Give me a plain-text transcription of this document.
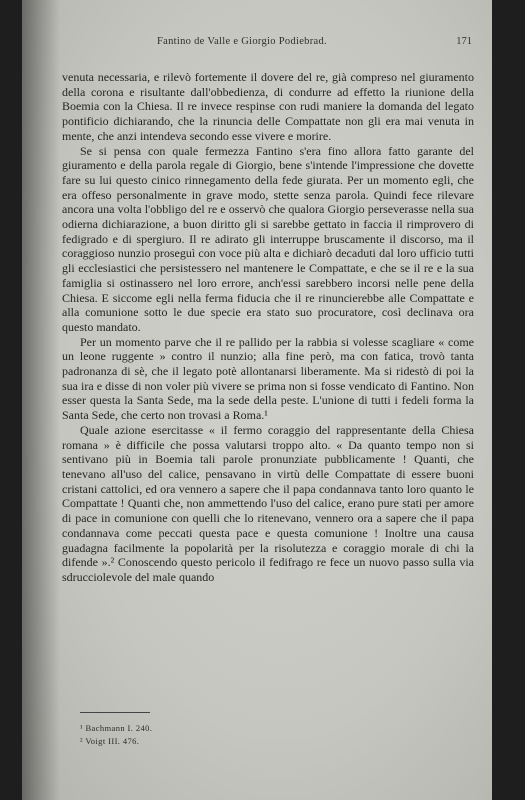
Fantino de Valle e Giorgio Podiebrad.	171

venuta necessaria, e rilevò fortemente il dovere del re, già compreso nel giuramento della corona e risultante dall'obbedienza, di condurre ad effetto la riunione della Boemia con la Chiesa. Il re invece respinse con rudi maniere la domanda del legato pontificio dichiarando, che la rinuncia delle Compattate non gli era mai venuta in mente, che anzi intendeva secondo esse vivere e morire.

Se si pensa con quale fermezza Fantino s'era fino allora fatto garante del giuramento e della parola regale di Giorgio, bene s'intende l'impressione che dovette fare su lui questo cinico rinnegamento della fede giurata. Per un momento egli, che era offeso personalmente in grave modo, stette senza parola. Quindi fece rilevare ancora una volta l'obbligo del re e osservò che qualora Giorgio perseverasse nella sua odierna dichiarazione, a buon diritto gli si sarebbe gettato in faccia il rimprovero di fedigrado e di spergiuro. Il re adirato gli interruppe bruscamente il discorso, ma il coraggioso nunzio proseguì con voce più alta e dichiarò decaduti dal loro ufficio tutti gli ecclesiastici che persistessero nel mantenere le Compattate, e che se il re e la sua famiglia si ostinassero nel loro errore, anch'essi sarebbero incorsi nelle pene della Chiesa. E siccome egli nella ferma fiducia che il re rinuncierebbe alle Compattate e alla comunione sotto le due specie era stato suo procuratore, così declinava ora questo mandato.

Per un momento parve che il re pallido per la rabbia si volesse scagliare « come un leone ruggente » contro il nunzio; alla fine però, ma con fatica, trovò tanta padronanza di sè, che il legato potè allontanarsi liberamente. Ma si ridestò di poi la sua ira e disse di non voler più vivere se prima non si fosse vendicato di Fantino. Non esser questa la Santa Sede, ma la sede della peste. L'unione di tutti i fedeli forma la Santa Sede, che certo non trovasi a Roma.¹

Quale azione esercitasse « il fermo coraggio del rappresentante della Chiesa romana » è difficile che possa valutarsi troppo alto. « Da quanto tempo non si sentivano più in Boemia tali parole pronunziate pubblicamente ! Quanti, che tenevano all'uso del calice, pensavano in virtù delle Compattate di essere buoni cristani cattolici, ed ora vennero a sapere che il papa condannava tanto loro quanto le Compattate ! Quanti che, non ammettendo l'uso del calice, erano pure stati per amore di pace in comunione con quelli che lo ritenevano, vennero ora a sapere che il papa condannava come peccati questa pace e questa comunione ! Inoltre una causa guadagna facilmente la popolarità per la risolutezza e coraggio morale di chi la difende ».² Conoscendo questo pericolo il fedifrago re fece un nuovo passo sulla via sdrucciolevole del male quando

¹ Bachmann I. 240.

² Voigt III. 476.
